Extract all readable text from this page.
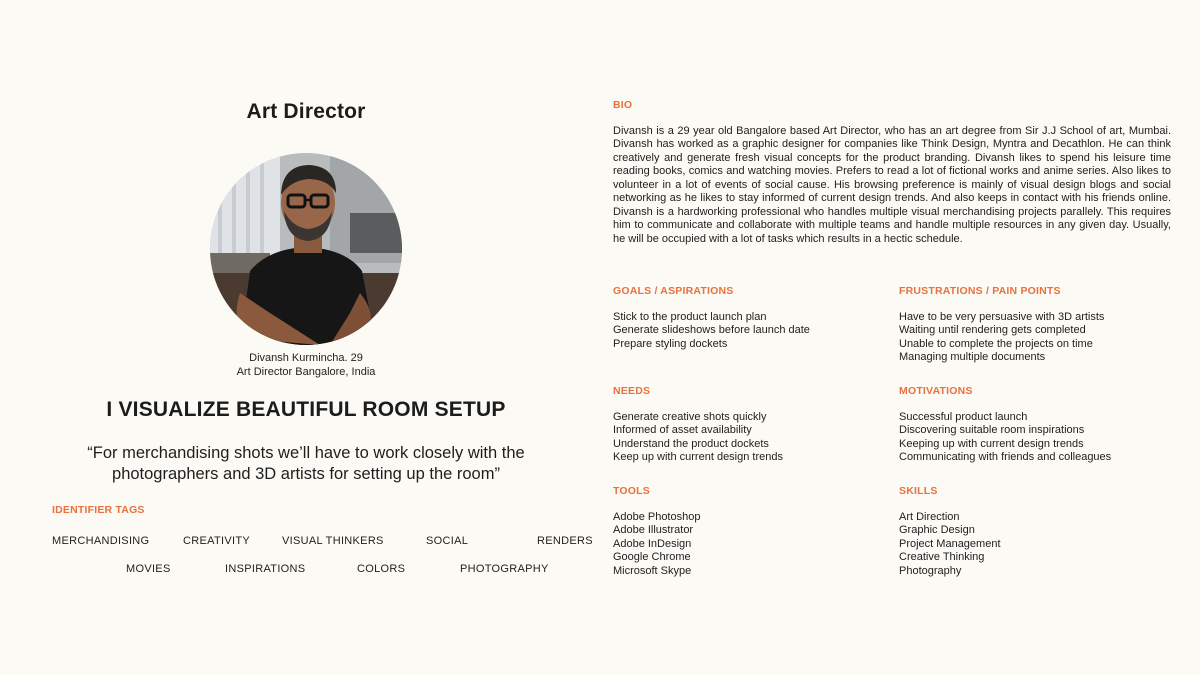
Art Director
Divansh Kurmincha. 29
Art Director Bangalore, India
I VISUALIZE BEAUTIFUL ROOM SETUP
“For merchandising shots we’ll have to work closely with the photographers and 3D artists for setting up the room”
IDENTIFIER TAGS
MERCHANDISING	CREATIVITY	VISUAL THINKERS	SOCIAL	RENDERS
MOVIES	INSPIRATIONS	COLORS	PHOTOGRAPHY
BIO

Divansh is a 29 year old Bangalore based Art Director, who has an art degree from Sir J.J School of art, Mumbai. Divansh has worked as a graphic designer for companies like Think Design, Myntra and Decathlon. He can think creatively and generate fresh visual concepts for the product branding. Divansh likes to spend his leisure time reading books, comics and watching movies. Prefers to read a lot of fictional works and anime series. Also likes to volunteer in a lot of events of social cause. His browsing preference is mainly of visual design blogs and social networking as he likes to stay informed of current design trends. And also keeps in contact with his friends online. Divansh is a hardworking professional who handles multiple visual merchandising projects parallely. This requires him to communicate and collaborate with multiple teams and handle multiple resources in any given day. Usually, he will be occupied with a lot of tasks which results in a hectic schedule.

GOALS / ASPIRATIONS
Stick to the product launch plan
Generate slideshows before launch date
Prepare styling dockets
FRUSTRATIONS / PAIN POINTS
Have to be very persuasive with 3D artists
Waiting until rendering gets completed
Unable to complete the projects on time
Managing multiple documents
NEEDS
Generate creative shots quickly
Informed of asset availability
Understand the product dockets
Keep up with current design trends
MOTIVATIONS
Successful product launch
Discovering suitable room inspirations
Keeping up with current design trends
Communicating with friends and colleagues
TOOLS
Adobe Photoshop
Adobe Illustrator
Adobe InDesign
Google Chrome
Microsoft Skype
SKILLS
Art Direction
Graphic Design
Project Management
Creative Thinking
Photography
